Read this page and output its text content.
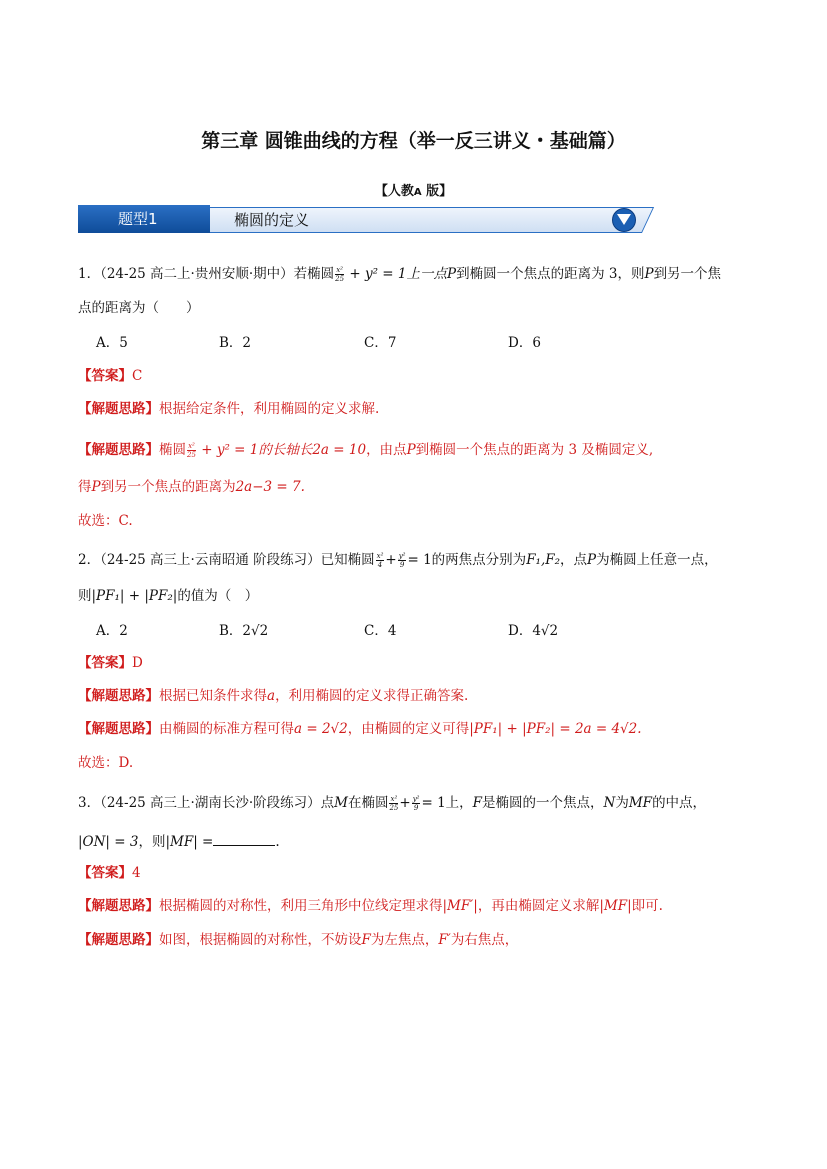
第三章 圆锥曲线的方程（举一反三讲义・基础篇）
【人教A 版】
题型1	椭圆的定义
1．（24-25 高二上·贵州安顺·期中）若椭圆 $\frac{\text{x²}}{25} + y^2 = 1$上一点P到椭圆一个焦点的距离为 3，则P到另一个焦
点的距离为（　　）
A．5	B．2	C．7	D．6
【答案】C
【解题思路】根据给定条件，利用椭圆的定义求解.
【解题思路】椭圆 $\frac{\text{x²}}{25} + y^2 = 1$的长轴长2a = 10，由点P到椭圆一个焦点的距离为 3 及椭圆定义,
得P到另一个焦点的距离为2a−3 = 7.
故选：C.
2．（24-25 高三上·云南昭通 阶段练习）已知椭圆 $\frac{\text{x²}}{4} + \frac{\text{y²}}{9} = 1$的两焦点分别为F₁,F₂，点P为椭圆上任意一点，
则|PF₁| + |PF₂|的值为（　）
A．2	B．2√2	C．4	D．4√2
【答案】D
【解题思路】根据已知条件求得a，利用椭圆的定义求得正确答案.
【解题思路】由椭圆的标准方程可得a = 2√2，由椭圆的定义可得|PF₁| + |PF₂| = 2a = 4√2.
故选：D.
3．（24-25 高三上·湖南长沙·阶段练习）点M在椭圆 $\frac{\text{x²}}{25} + \frac{\text{y²}}{9} = 1$上，F是椭圆的一个焦点，N为MF的中点，
|ON| = 3，则|MF| =	.
【答案】4
【解题思路】根据椭圆的对称性，利用三角形中位线定理求得|MF′|，再由椭圆定义求解|MF|即可.
【解题思路】如图，根据椭圆的对称性，不妨设F为左焦点，F′为右焦点，
